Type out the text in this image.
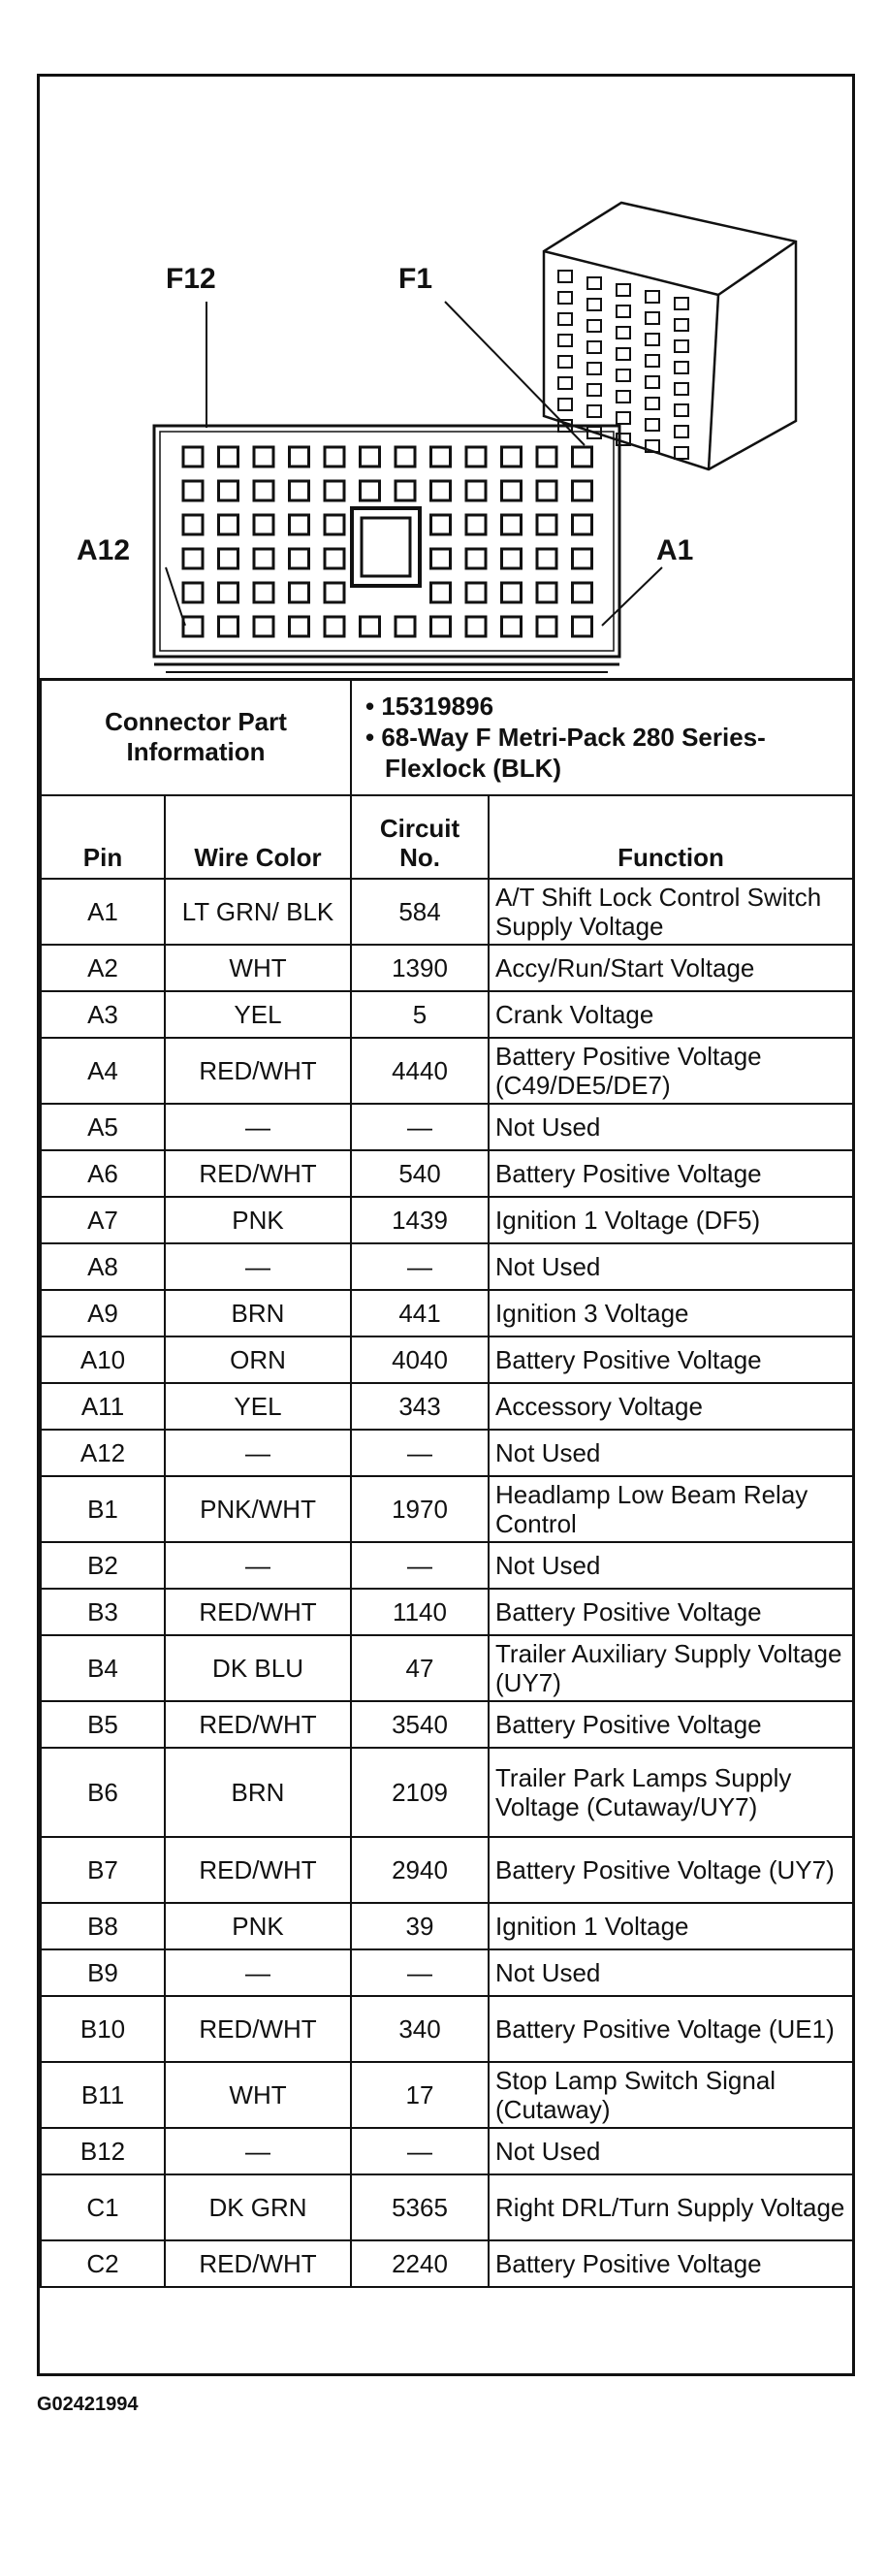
F12	F1
A12	A1
Connector Part Information		• 15319896
• 68-Way F Metri-Pack 280 Series- Flexlock (BLK)	

Pin	Wire Color	Circuit No.	Function
A1	LT GRN/ BLK	584	A/T Shift Lock Control Switch Supply Voltage
A2	WHT	1390	Accy/Run/Start Voltage
A3	YEL	5	Crank Voltage
A4	RED/WHT	4440	Battery Positive Voltage (C49/DE5/DE7)
A5	—	—	Not Used
A6	RED/WHT	540	Battery Positive Voltage
A7	PNK	1439	Ignition 1 Voltage (DF5)
A8	—	—	Not Used
A9	BRN	441	Ignition 3 Voltage
A10	ORN	4040	Battery Positive Voltage
A11	YEL	343	Accessory Voltage
A12	—	—	Not Used
B1	PNK/WHT	1970	Headlamp Low Beam Relay Control
B2	—	—	Not Used
B3	RED/WHT	1140	Battery Positive Voltage
B4	DK BLU	47	Trailer Auxiliary Supply Voltage (UY7)
B5	RED/WHT	3540	Battery Positive Voltage
B6	BRN	2109	Trailer Park Lamps Supply Voltage (Cutaway/UY7)
B7	RED/WHT	2940	Battery Positive Voltage (UY7)
B8	PNK	39	Ignition 1 Voltage
B9	—	—	Not Used
B10	RED/WHT	340	Battery Positive Voltage (UE1)
B11	WHT	17	Stop Lamp Switch Signal (Cutaway)
B12	—	—	Not Used
C1	DK GRN	5365	Right DRL/Turn Supply Voltage
C2	RED/WHT	2240	Battery Positive Voltage
G02421994
